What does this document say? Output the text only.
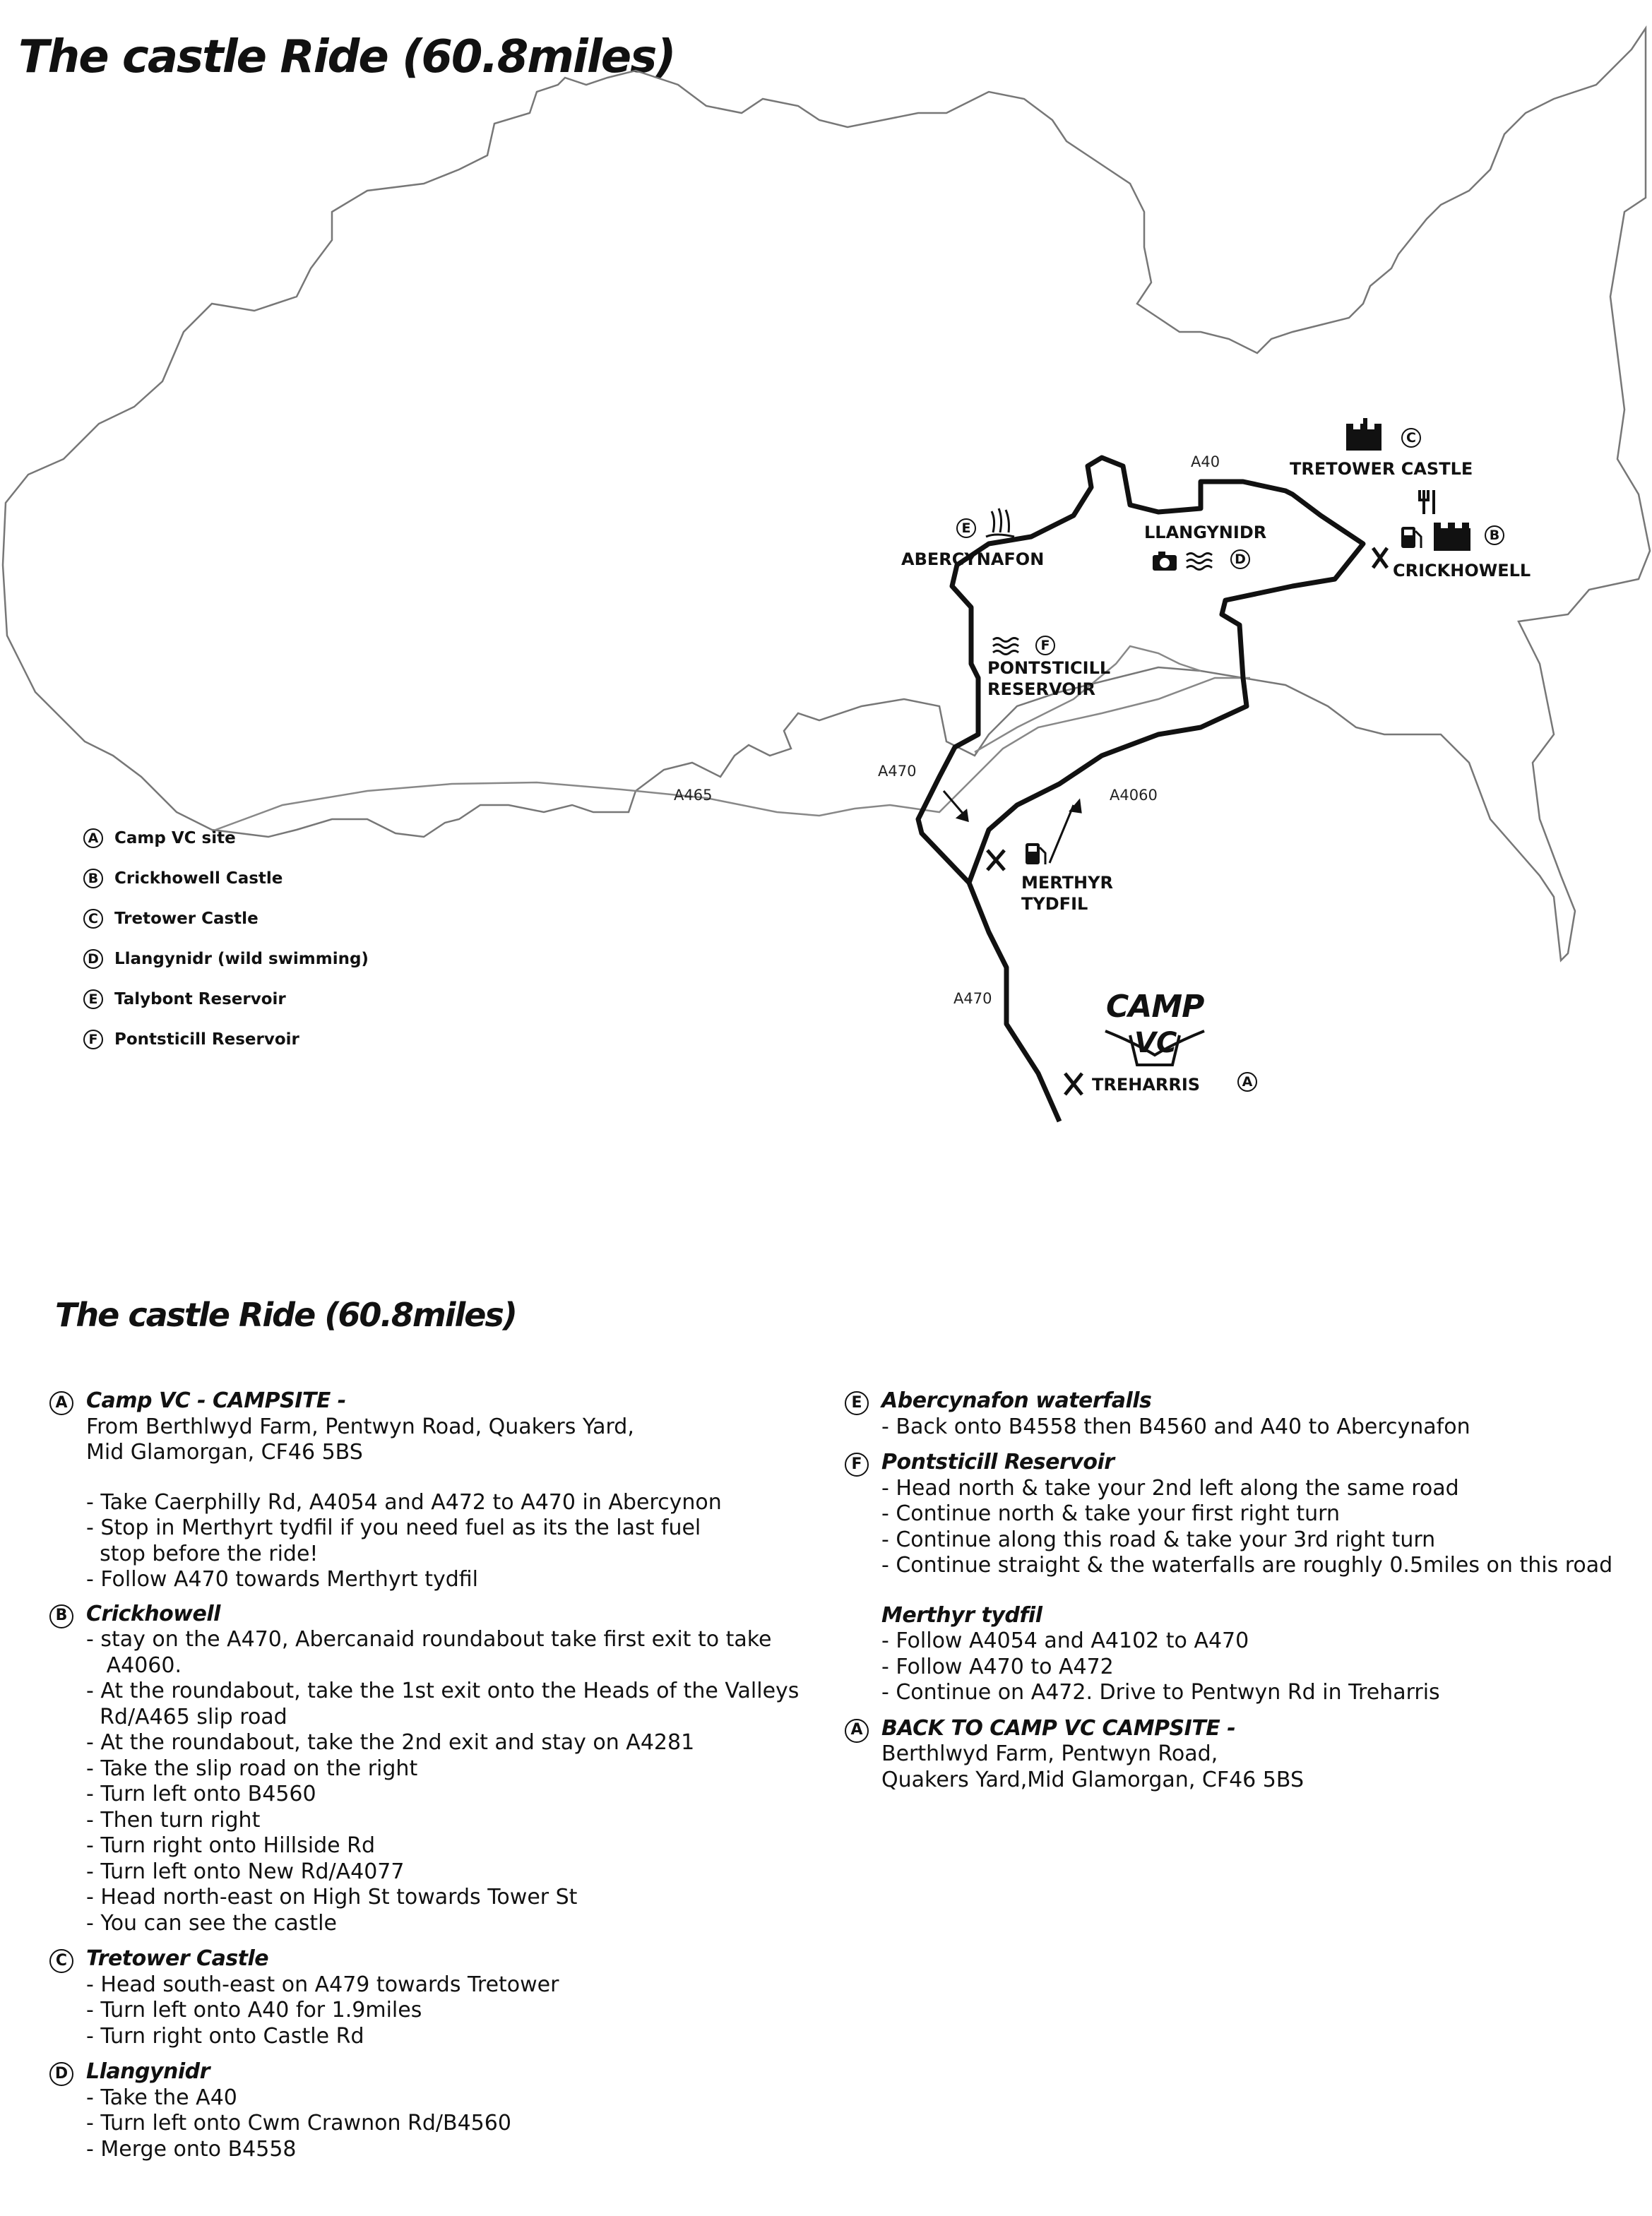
The castle Ride (60.8miles)
A40
A465
A470
A4060
A470
TRETOWER CASTLE
C
CRICKHOWELL
B
LLANGYNIDR
D
ABERCYNAFON
E
F
PONTSTICILL
RESERVOIR
MERTHYR
TYDFIL
TREHARRIS	A
CAMP
VC
A Camp VC site
B Crickhowell Castle
C	Tretower Castle
D Llangynidr (wild swimming)
E	Talybont Reservoir
F	Pontsticill Reservoir
The castle Ride (60.8miles)
A Camp VC - CAMPSITE -
From Berthlwyd Farm, Pentwyn Road, Quakers Yard,
Mid Glamorgan, CF46 5BS
- Take Caerphilly Rd, A4054 and A472 to A470 in Abercynon
- Stop in Merthyrt tydfil if you need fuel as its the last fuel
stop before the ride!
- Follow A470 towards Merthyrt tydfil
B Crickhowell
- stay on the A470, Abercanaid roundabout take first exit to take
A4060.
- At the roundabout, take the 1st exit onto the Heads of the Valleys
Rd/A465 slip road
- At the roundabout, take the 2nd exit and stay on A4281
- Take the slip road on the right
- Turn left onto B4560
- Then turn right
- Turn right onto Hillside Rd
- Turn left onto New Rd/A4077
- Head north-east on High St towards Tower St
- You can see the castle
C Tretower Castle
- Head south-east on A479 towards Tretower
- Turn left onto A40 for 1.9miles
- Turn right onto Castle Rd
D Llangynidr
- Take the A40
- Turn left onto Cwm Crawnon Rd/B4560
- Merge onto B4558
E Abercynafon waterfalls
- Back onto B4558 then B4560 and A40 to Abercynafon
F Pontsticill Reservoir
- Head north & take your 2nd left along the same road
- Continue north & take your first right turn
- Continue along this road & take your 3rd right turn
- Continue straight & the waterfalls are roughly 0.5miles on this road
Merthyr tydfil
- Follow A4054 and A4102 to A470
- Follow A470 to A472
- Continue on A472. Drive to Pentwyn Rd in Treharris
A BACK TO CAMP VC CAMPSITE -
Berthlwyd Farm, Pentwyn Road,
Quakers Yard,Mid Glamorgan, CF46 5BS
